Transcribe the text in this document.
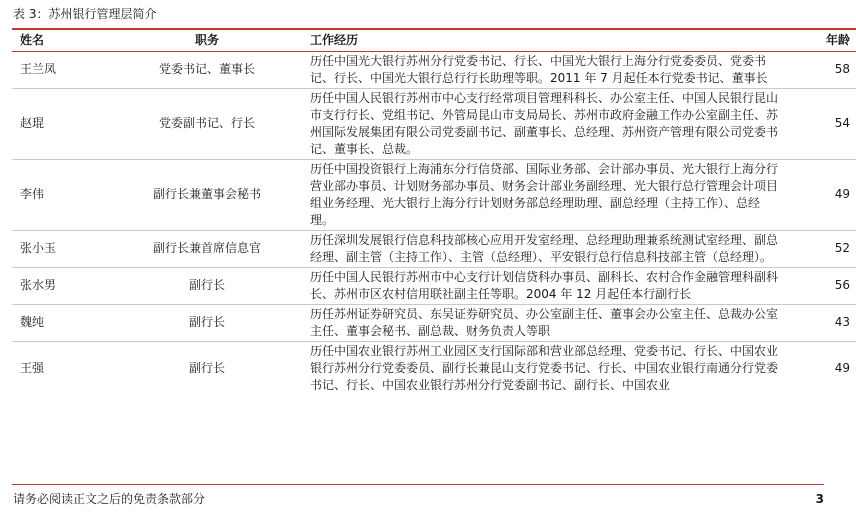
表 3：苏州银行管理层简介
姓名	职务	工作经历	年龄
王兰凤	党委书记、董事长	历任中国光大银行苏州分行党委书记、行长、中国光大银行上海分行党委委员、党委书记、行长、中国光大银行总行行长助理等职。2011 年 7 月起任本行党委书记、董事长	58
赵琨	党委副书记、行长	历任中国人民银行苏州市中心支行经常项目管理科科长、办公室主任、中国人民银行昆山市支行行长、党组书记、外管局昆山市支局局长、苏州市政府金融工作办公室副主任、苏州国际发展集团有限公司党委副书记、副董事长、总经理、苏州资产管理有限公司党委书记、董事长、总裁。	54
李伟	副行长兼董事会秘书	历任中国投资银行上海浦东分行信贷部、国际业务部、会计部办事员、光大银行上海分行营业部办事员、计划财务部办事员、财务会计部业务副经理、光大银行总行管理会计项目组业务经理、光大银行上海分行计划财务部总经理助理、副总经理（主持工作）、总经理。	49
张小玉	副行长兼首席信息官	历任深圳发展银行信息科技部核心应用开发室经理、总经理助理兼系统测试室经理、副总经理、副主管（主持工作）、主管（总经理）、平安银行总行信息科技部主管（总经理）。	52
张水男	副行长	历任中国人民银行苏州市中心支行计划信贷科办事员、副科长、农村合作金融管理科副科长、苏州市区农村信用联社副主任等职。2004 年 12 月起任本行副行长	56
魏纯	副行长	历任苏州证券研究员、东吴证券研究员、办公室副主任、董事会办公室主任、总裁办公室主任、董事会秘书、副总裁、财务负责人等职	43
王强	副行长	历任中国农业银行苏州工业园区支行国际部和营业部总经理、党委书记、行长、中国农业银行苏州分行党委委员、副行长兼昆山支行党委书记、行长、中国农业银行南通分行党委书记、行长、中国农业银行苏州分行党委副书记、副行长、中国农业	49
请务必阅读正文之后的免责条款部分	3
